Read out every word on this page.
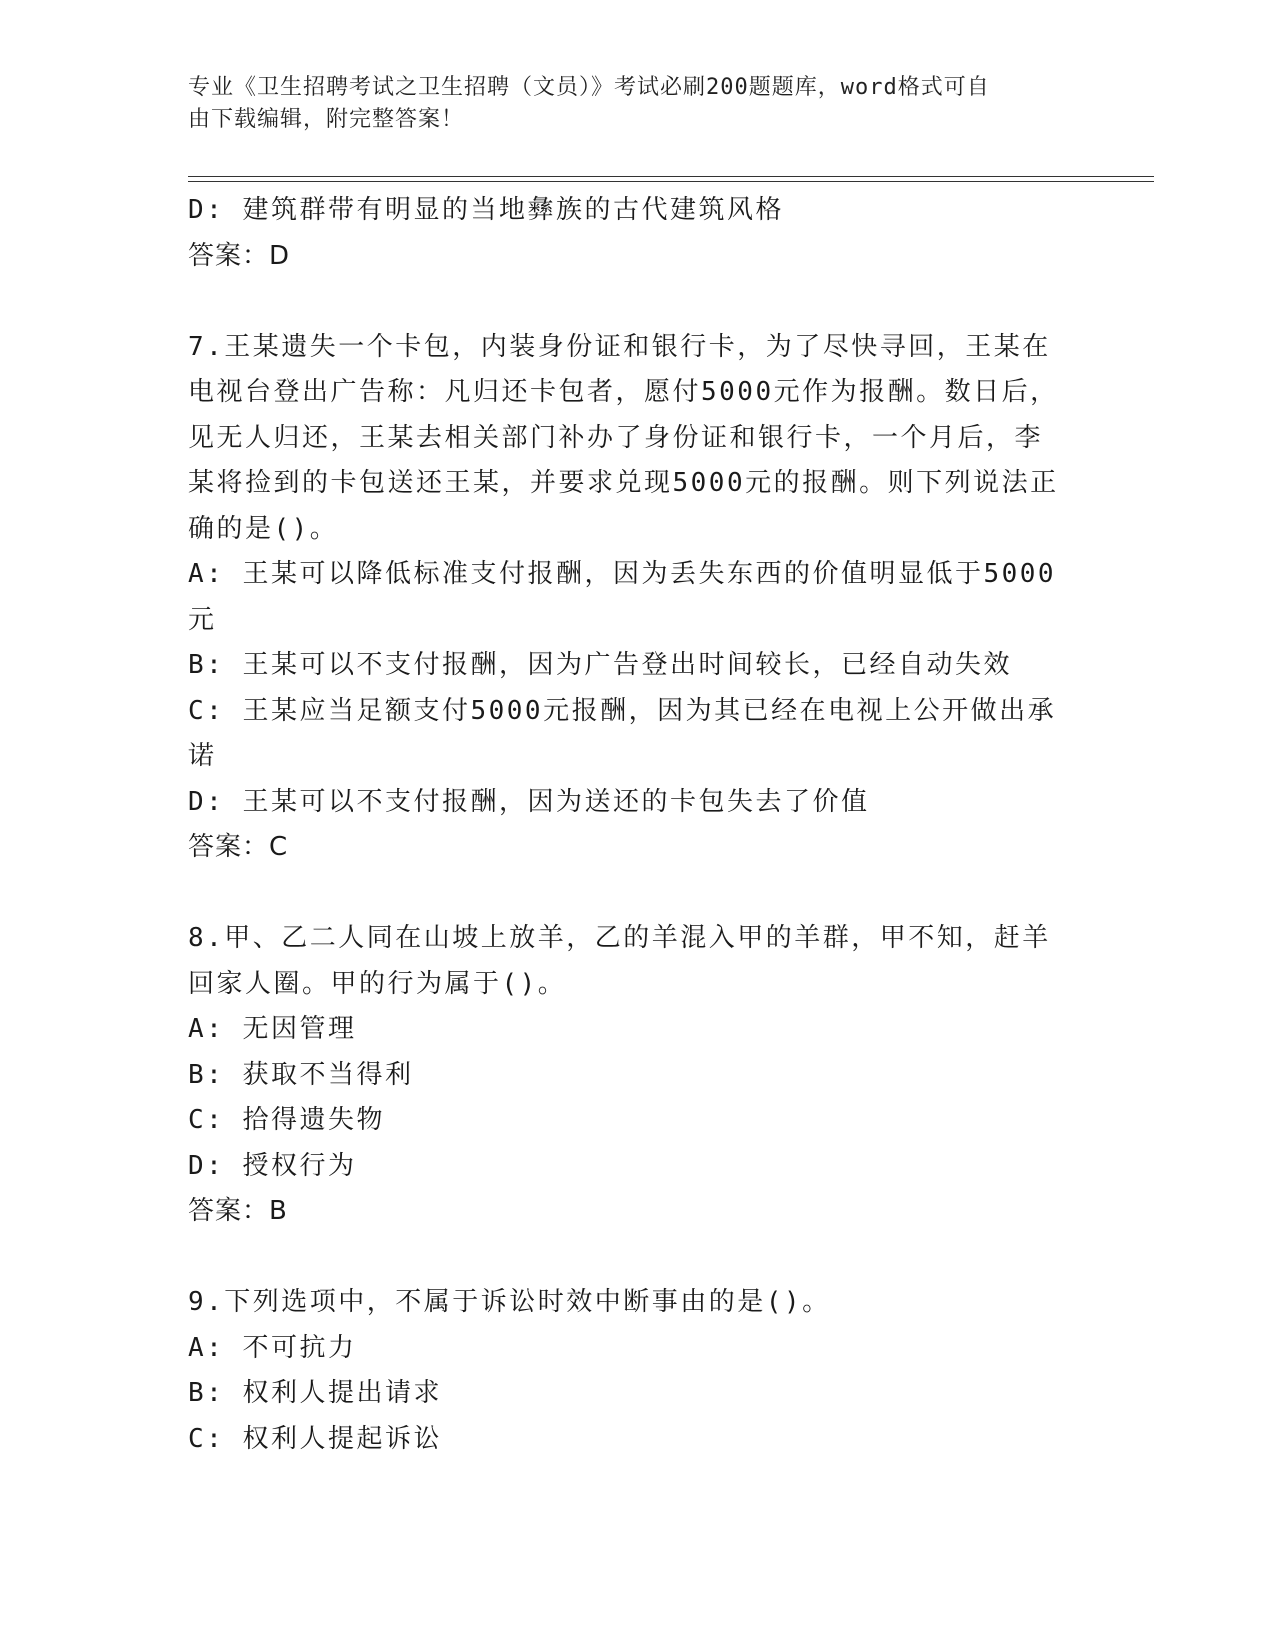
专业《卫生招聘考试之卫生招聘（文员）》考试必刷200题题库，word格式可自
由下载编辑，附完整答案！
D: 建筑群带有明显的当地彝族的古代建筑风格
答案：D
7.王某遗失一个卡包，内装身份证和银行卡，为了尽快寻回，王某在
电视台登出广告称：凡归还卡包者，愿付5000元作为报酬。数日后，
见无人归还，王某去相关部门补办了身份证和银行卡，一个月后，李
某将捡到的卡包送还王某，并要求兑现5000元的报酬。则下列说法正
确的是()。
A: 王某可以降低标准支付报酬，因为丢失东西的价值明显低于5000
元
B: 王某可以不支付报酬，因为广告登出时间较长，已经自动失效
C: 王某应当足额支付5000元报酬，因为其已经在电视上公开做出承
诺
D: 王某可以不支付报酬，因为送还的卡包失去了价值
答案：C
8.甲、乙二人同在山坡上放羊，乙的羊混入甲的羊群，甲不知，赶羊
回家人圈。甲的行为属于()。
A: 无因管理
B: 获取不当得利
C: 拾得遗失物
D: 授权行为
答案：B
9.下列选项中，不属于诉讼时效中断事由的是()。
A: 不可抗力
B: 权利人提出请求
C: 权利人提起诉讼
